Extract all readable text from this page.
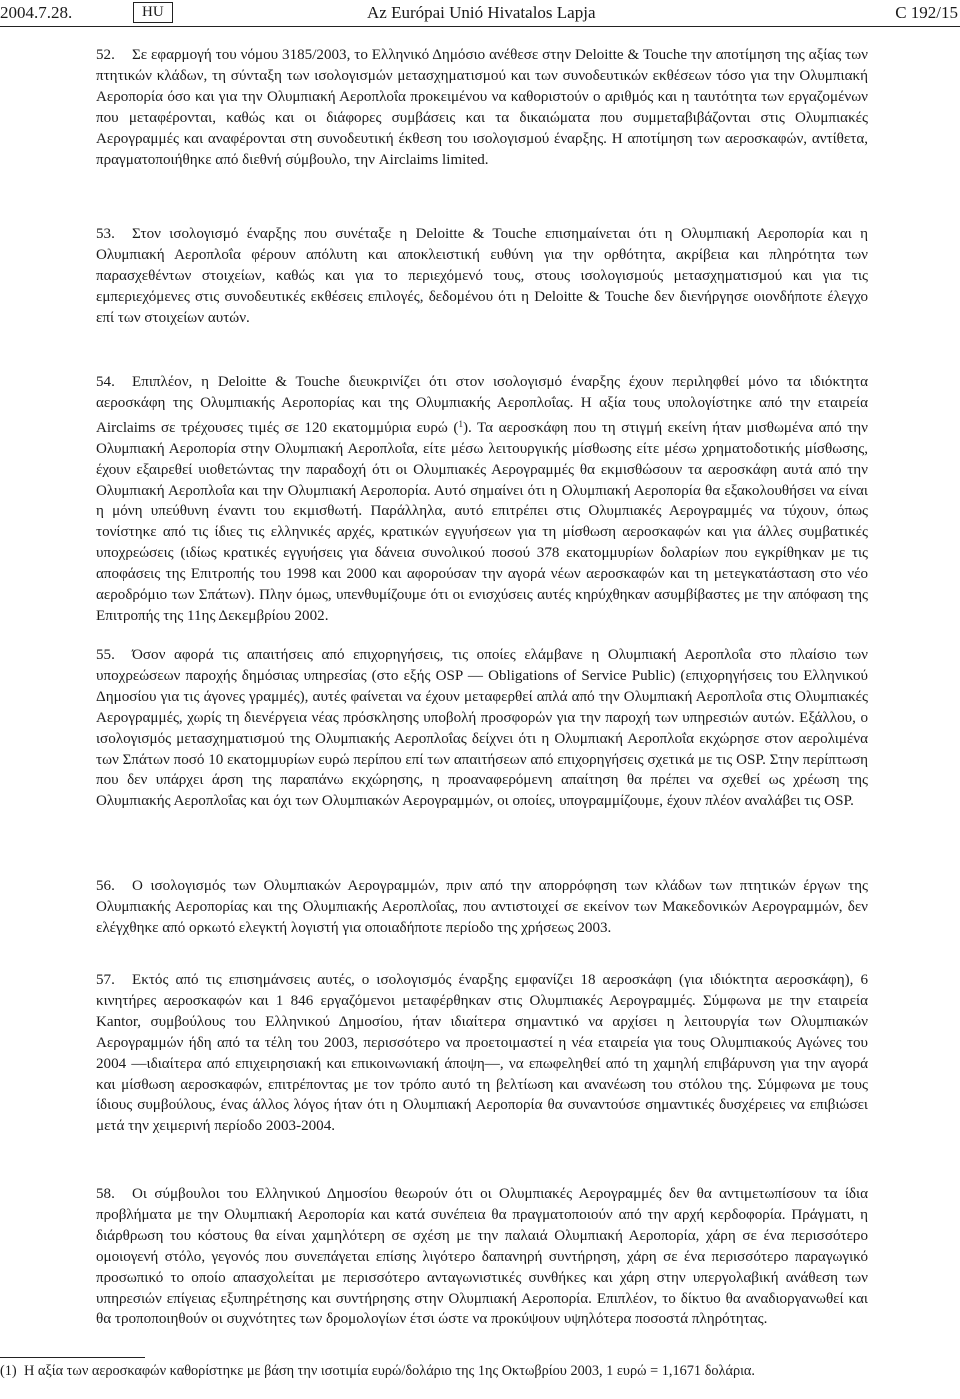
2004.7.28.	HU	Az Európai Unió Hivatalos Lapja	C 192/15
52. Σε εφαρμογή του νόμου 3185/2003, το Ελληνικό Δημόσιο ανέθεσε στην Deloitte & Touche την αποτίμηση της αξίας των πτητικών κλάδων, τη σύνταξη των ισολογισμών μετασχηματισμού και των συνοδευτικών εκθέσεων τόσο για την Ολυμπιακή Αεροπορία όσο και για την Ολυμπιακή Αεροπλοΐα προκειμένου να καθοριστούν ο αριθμός και η ταυτότητα των εργαζομένων που μεταφέρονται, καθώς και οι διάφορες συμβάσεις και τα δικαιώματα που συμμεταβιβάζονται στις Ολυμπιακές Αερογραμμές και αναφέρονται στη συνοδευτική έκθεση του ισολογισμού έναρξης. Η αποτίμηση των αεροσκαφών, αντίθετα, πραγματοποιήθηκε από διεθνή σύμβουλο, την Airclaims limited.
53. Στον ισολογισμό έναρξης που συνέταξε η Deloitte & Touche επισημαίνεται ότι η Ολυμπιακή Αεροπορία και η Ολυμπιακή Αεροπλοΐα φέρουν απόλυτη και αποκλειστική ευθύνη για την ορθότητα, ακρίβεια και πληρότητα των παρασχεθέντων στοιχείων, καθώς και για το περιεχόμενό τους, στους ισολογισμούς μετασχηματισμού και για τις εμπεριεχόμενες στις συνοδευτικές εκθέσεις επιλογές, δεδομένου ότι η Deloitte & Touche δεν διενήργησε οιονδήποτε έλεγχο επί των στοιχείων αυτών.
54. Επιπλέον, η Deloitte & Touche διευκρινίζει ότι στον ισολογισμό έναρξης έχουν περιληφθεί μόνο τα ιδιόκτητα αεροσκάφη της Ολυμπιακής Αεροπορίας και της Ολυμπιακής Αεροπλοΐας. Η αξία τους υπολογίστηκε από την εταιρεία Airclaims σε τρέχουσες τιμές σε 120 εκατομμύρια ευρώ ($^1$). Τα αεροσκάφη που τη στιγμή εκείνη ήταν μισθωμένα από την Ολυμπιακή Αεροπορία στην Ολυμπιακή Αεροπλοΐα, είτε μέσω λειτουργικής μίσθωσης είτε μέσω χρηματοδοτικής μίσθωσης, έχουν εξαιρεθεί υιοθετώντας την παραδοχή ότι οι Ολυμπιακές Αερογραμμές θα εκμισθώσουν τα αεροσκάφη αυτά από την Ολυμπιακή Αεροπλοΐα και την Ολυμπιακή Αεροπορία. Αυτό σημαίνει ότι η Ολυμπιακή Αεροπορία θα εξακολουθήσει να είναι η μόνη υπεύθυνη έναντι του εκμισθωτή. Παράλληλα, αυτό επιτρέπει στις Ολυμπιακές Αερογραμμές να τύχουν, όπως τονίστηκε από τις ίδιες τις ελληνικές αρχές, κρατικών εγγυήσεων για τη μίσθωση αεροσκαφών και για άλλες συμβατικές υποχρεώσεις (ιδίως κρατικές εγγυήσεις για δάνεια συνολικού ποσού 378 εκατομμυρίων δολαρίων που εγκρίθηκαν με τις αποφάσεις της Επιτροπής του 1998 και 2000 και αφορούσαν την αγορά νέων αεροσκαφών και τη μετεγκατάσταση στο νέο αεροδρόμιο των Σπάτων). Πλην όμως, υπενθυμίζουμε ότι οι ενισχύσεις αυτές κηρύχθηκαν ασυμβίβαστες με την απόφαση της Επιτροπής της 11ης Δεκεμβρίου 2002.
55. Όσον αφορά τις απαιτήσεις από επιχορηγήσεις, τις οποίες ελάμβανε η Ολυμπιακή Αεροπλοΐα στο πλαίσιο των υποχρεώσεων παροχής δημόσιας υπηρεσίας (στο εξής OSP — Obligations of Service Public) (επιχορηγήσεις του Ελληνικού Δημοσίου για τις άγονες γραμμές), αυτές φαίνεται να έχουν μεταφερθεί απλά από την Ολυμπιακή Αεροπλοΐα στις Ολυμπιακές Αερογραμμές, χωρίς τη διενέργεια νέας πρόσκλησης υποβολή προσφορών για την παροχή των υπηρεσιών αυτών. Εξάλλου, ο ισολογισμός μετασχηματισμού της Ολυμπιακής Αεροπλοΐας δείχνει ότι η Ολυμπιακή Αεροπλοΐα εκχώρησε στον αερολιμένα των Σπάτων ποσό 10 εκατομμυρίων ευρώ περίπου επί των απαιτήσεων από επιχορηγήσεις σχετικά με τις OSP. Στην περίπτωση που δεν υπάρχει άρση της παραπάνω εκχώρησης, η προαναφερόμενη απαίτηση θα πρέπει να σχεθεί ως χρέωση της Ολυμπιακής Αεροπλοΐας και όχι των Ολυμπιακών Αερογραμμών, οι οποίες, υπογραμμίζουμε, έχουν πλέον αναλάβει τις OSP.
56. Ο ισολογισμός των Ολυμπιακών Αερογραμμών, πριν από την απορρόφηση των κλάδων των πτητικών έργων της Ολυμπιακής Αεροπορίας και της Ολυμπιακής Αεροπλοΐας, που αντιστοιχεί σε εκείνον των Μακεδονικών Αερογραμμών, δεν ελέγχθηκε από ορκωτό ελεγκτή λογιστή για οποιαδήποτε περίοδο της χρήσεως 2003.
57. Εκτός από τις επισημάνσεις αυτές, ο ισολογισμός έναρξης εμφανίζει 18 αεροσκάφη (για ιδιόκτητα αεροσκάφη), 6 κινητήρες αεροσκαφών και 1 846 εργαζόμενοι μεταφέρθηκαν στις Ολυμπιακές Αερογραμμές. Σύμφωνα με την εταιρεία Kantor, συμβούλους του Ελληνικού Δημοσίου, ήταν ιδιαίτερα σημαντικό να αρχίσει η λειτουργία των Ολυμπιακών Αερογραμμών ήδη από τα τέλη του 2003, περισσότερο να προετοιμαστεί η νέα εταιρεία για τους Ολυμπιακούς Αγώνες του 2004 —ιδιαίτερα από επιχειρησιακή και επικοινωνιακή άποψη—, να επωφεληθεί από τη χαμηλή επιβάρυνση για την αγορά και μίσθωση αεροσκαφών, επιτρέποντας με τον τρόπο αυτό τη βελτίωση και ανανέωση του στόλου της. Σύμφωνα με τους ίδιους συμβούλους, ένας άλλος λόγος ήταν ότι η Ολυμπιακή Αεροπορία θα συναντούσε σημαντικές δυσχέρειες να επιβιώσει μετά την χειμερινή περίοδο 2003-2004.
58. Οι σύμβουλοι του Ελληνικού Δημοσίου θεωρούν ότι οι Ολυμπιακές Αερογραμμές δεν θα αντιμετωπίσουν τα ίδια προβλήματα με την Ολυμπιακή Αεροπορία και κατά συνέπεια θα πραγματοποιούν από την αρχή κερδοφορία. Πράγματι, η διάρθρωση του κόστους θα είναι χαμηλότερη σε σχέση με την παλαιά Ολυμπιακή Αεροπορία, χάρη σε ένα περισσότερο ομοιογενή στόλο, γεγονός που συνεπάγεται επίσης λιγότερο δαπανηρή συντήρηση, χάρη σε ένα περισσότερο παραγωγικό προσωπικό το οποίο απασχολείται με περισσότερο ανταγωνιστικές συνθήκες και χάρη στην υπεργολαβική ανάθεση των υπηρεσιών επίγειας εξυπηρέτησης και συντήρησης στην Ολυμπιακή Αεροπορία. Επιπλέον, το δίκτυο θα αναδιοργανωθεί και θα τροποποιηθούν οι συχνότητες των δρομολογίων έτσι ώστε να προκύψουν υψηλότερα ποσοστά πληρότητας.
(1) Η αξία των αεροσκαφών καθορίστηκε με βάση την ισοτιμία ευρώ/δολάριο της 1ης Οκτωβρίου 2003, 1 ευρώ = 1,1671 δολάρια.
